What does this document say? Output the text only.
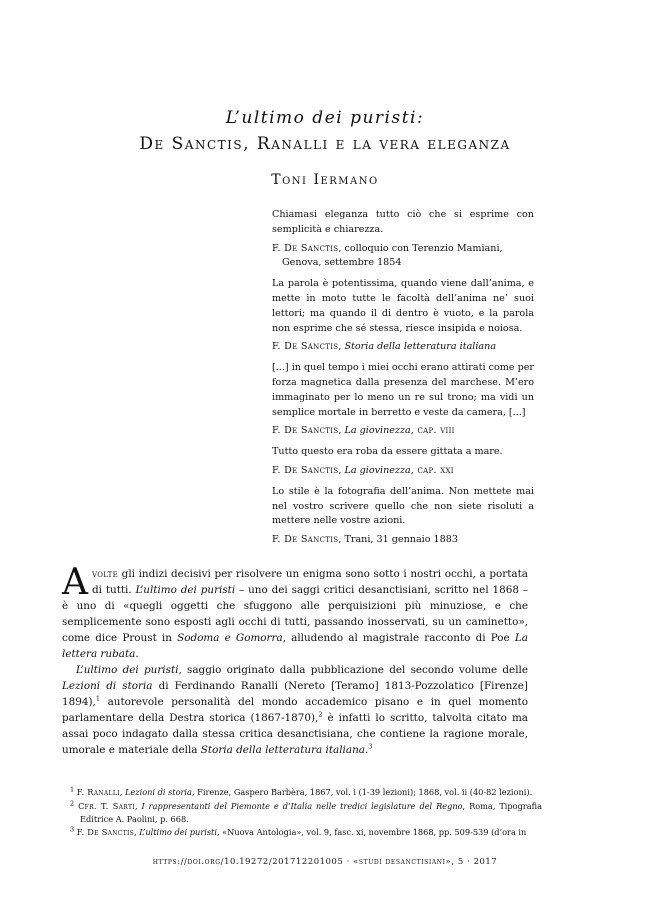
L’ultimo dei puristi:
De Sanctis, Ranalli e la vera eleganza
Toni Iermano

Chiamasi eleganza tutto ciò che si esprime con semplicità e chiarezza.

F. De Sanctis, colloquio con Terenzio Mamiani, Genova, settembre 1854

La parola è potentissima, quando viene dall’anima, e mette in moto tutte le facoltà dell’anima ne’ suoi lettori; ma quando il di dentro è vuoto, e la parola non esprime che sé stessa, riesce insipida e noiosa.

F. De Sanctis, Storia della letteratura italiana

[...] in quel tempo i miei occhi erano attirati come per forza magnetica dalla presenza del marchese. M’ero immaginato per lo meno un re sul trono; ma vidi un semplice mortale in berretto e veste da camera, [...]

F. De Sanctis, La giovinezza, cap. viii

Tutto questo era roba da essere gittata a mare.

F. De Sanctis, La giovinezza, cap. xxi

Lo stile è la fotografia dell’anima. Non mettete mai nel vostro scrivere quello che non siete risoluti a mettere nelle vostre azioni.

F. De Sanctis, Trani, 31 gennaio 1883

Avolte gli indizi decisivi per risolvere un enigma sono sotto i nostri occhi, a portata di tutti. L’ultimo dei puristi – uno dei saggi critici desanctisiani, scritto nel 1868 – è uno di «quegli oggetti che sfuggono alle perquisizioni più minuziose, e che semplicemente sono esposti agli occhi di tutti, passando inosservati, su un caminetto», come dice Proust in Sodoma e Gomorra, alludendo al magistrale racconto di Poe La lettera rubata.

L’ultimo dei puristi, saggio originato dalla pubblicazione del secondo volume delle Lezioni di storia di Ferdinando Ranalli (Nereto [Teramo] 1813-Pozzolatico [Firenze] 1894),$^1$ autorevole personalità del mondo accademico pisano e in quel momento parlamentare della Destra storica (1867-1870),$^2$ è infatti lo scritto, talvolta citato ma assai poco indagato dalla stessa critica desanctisiana, che contiene la ragione morale, umorale e materiale della Storia della letteratura italiana.$^3$

$^1$ F. Ranalli, Lezioni di storia, Firenze, Gaspero Barbèra, 1867, vol. i (1-39 lezioni); 1868, vol. ii (40-82 lezioni).

$^2$ Cfr. T. Sarti, I rappresentanti del Piemonte e d’Italia nelle tredici legislature del Regno, Roma, Tipografia Editrice A. Paolini, p. 668.

$^3$ F. De Sanctis, L’ultimo dei puristi, «Nuova Antologia», vol. 9, fasc. xi, novembre 1868, pp. 509-539 (d’ora in

https://doi.org/10.19272/201712201005 · «studi desanctisiani», 5 · 2017
